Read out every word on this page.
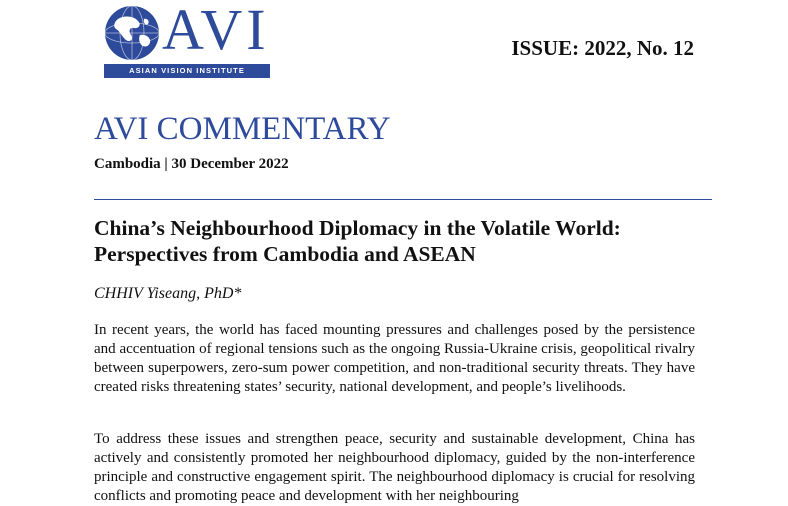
AVI
ASIAN VISION INSTITUTE
ISSUE: 2022, No. 12
AVI COMMENTARY
Cambodia | 30 December 2022
China’s Neighbourhood Diplomacy in the Volatile World:
Perspectives from Cambodia and ASEAN
CHHIV Yiseang, PhD*
In recent years, the world has faced mounting pressures and challenges posed by the persistence and accentuation of regional tensions such as the ongoing Russia-Ukraine crisis, geopolitical rivalry between superpowers, zero-sum power competition, and non-traditional security threats. They have created risks threatening states’ security, national development, and people’s livelihoods.
To address these issues and strengthen peace, security and sustainable development, China has actively and consistently promoted her neighbourhood diplomacy, guided by the non-interference principle and constructive engagement spirit. The neighbourhood diplomacy is crucial for resolving conflicts and promoting peace and development with her neighbouring
